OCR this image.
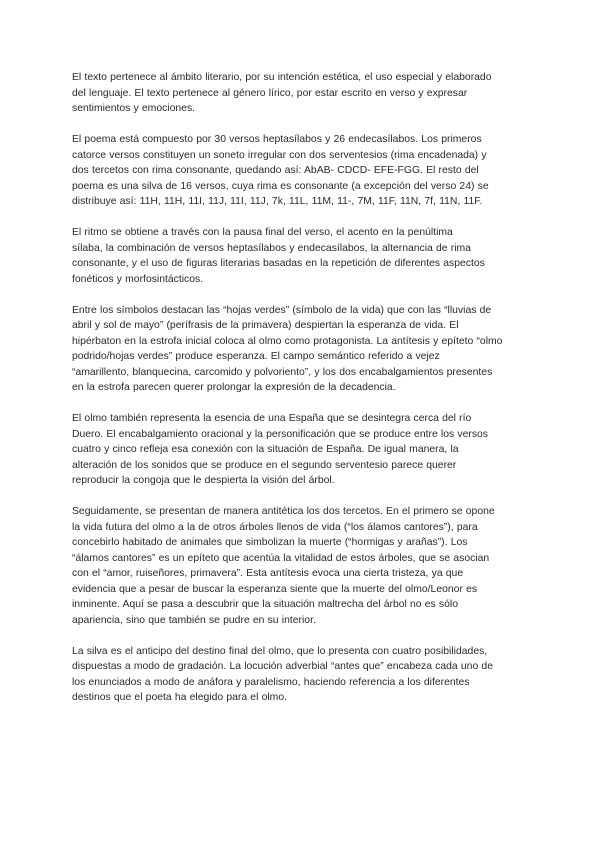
El texto pertenece al ámbito literario, por su intención estética, el uso especial y elaborado
del lenguaje. El texto pertenece al género lírico, por estar escrito en verso y expresar
sentimientos y emociones.

El poema está compuesto por 30 versos heptasílabos y 26 endecasílabos. Los primeros
catorce versos constituyen un soneto irregular con dos serventesios (rima encadenada) y
dos tercetos con rima consonante, quedando así: AbAB- CDCD- EFE-FGG. El resto del
poema es una silva de 16 versos, cuya rima es consonante (a excepción del verso 24) se
distribuye así: 11H, 11H, 11I, 11J, 11I, 11J, 7k, 11L, 11M, 11-, 7M, 11F, 11N, 7f, 11N, 11F.

El ritmo se obtiene a través con la pausa final del verso, el acento en la penúltima
sílaba, la combinación de versos heptasílabos y endecasílabos, la alternancia de rima
consonante, y el uso de figuras literarias basadas en la repetición de diferentes aspectos
fonéticos y morfosintácticos.

Entre los símbolos destacan las “hojas verdes” (símbolo de la vida) que con las “lluvias de
abril y sol de mayo” (perífrasis de la primavera) despiertan la esperanza de vida. El
hipérbaton en la estrofa inicial coloca al olmo como protagonista. La antítesis y epíteto “olmo
podrido/hojas verdes” produce esperanza. El campo semántico referido a vejez
“amarillento, blanquecina, carcomido y polvoriento”, y los dos encabalgamientos presentes
en la estrofa parecen querer prolongar la expresión de la decadencia.

El olmo también representa la esencia de una España que se desintegra cerca del río
Duero. El encabalgamiento oracional y la personificación que se produce entre los versos
cuatro y cinco refleja esa conexión con la situación de España. De igual manera, la
alteración de los sonidos que se produce en el segundo serventesio parece querer
reproducir la congoja que le despierta la visión del árbol.

Seguidamente, se presentan de manera antitética los dos tercetos. En el primero se opone
la vida futura del olmo a la de otros árboles llenos de vida (“los álamos cantores”), para
concebirlo habitado de animales que simbolizan la muerte (“hormigas y arañas”). Los
“álamos cantores” es un epíteto que acentúa la vitalidad de estos árboles, que se asocian
con el “amor, ruiseñores, primavera”. Esta antítesis evoca una cierta tristeza, ya que
evidencia que a pesar de buscar la esperanza siente que la muerte del olmo/Leonor es
inminente. Aquí se pasa a descubrir que la situación maltrecha del árbol no es sólo
apariencia, sino que también se pudre en su interior.

La silva es el anticipo del destino final del olmo, que lo presenta con cuatro posibilidades,
dispuestas a modo de gradación. La locución adverbial “antes que” encabeza cada uno de
los enunciados a modo de anáfora y paralelismo, haciendo referencia a los diferentes
destinos que el poeta ha elegido para el olmo.
